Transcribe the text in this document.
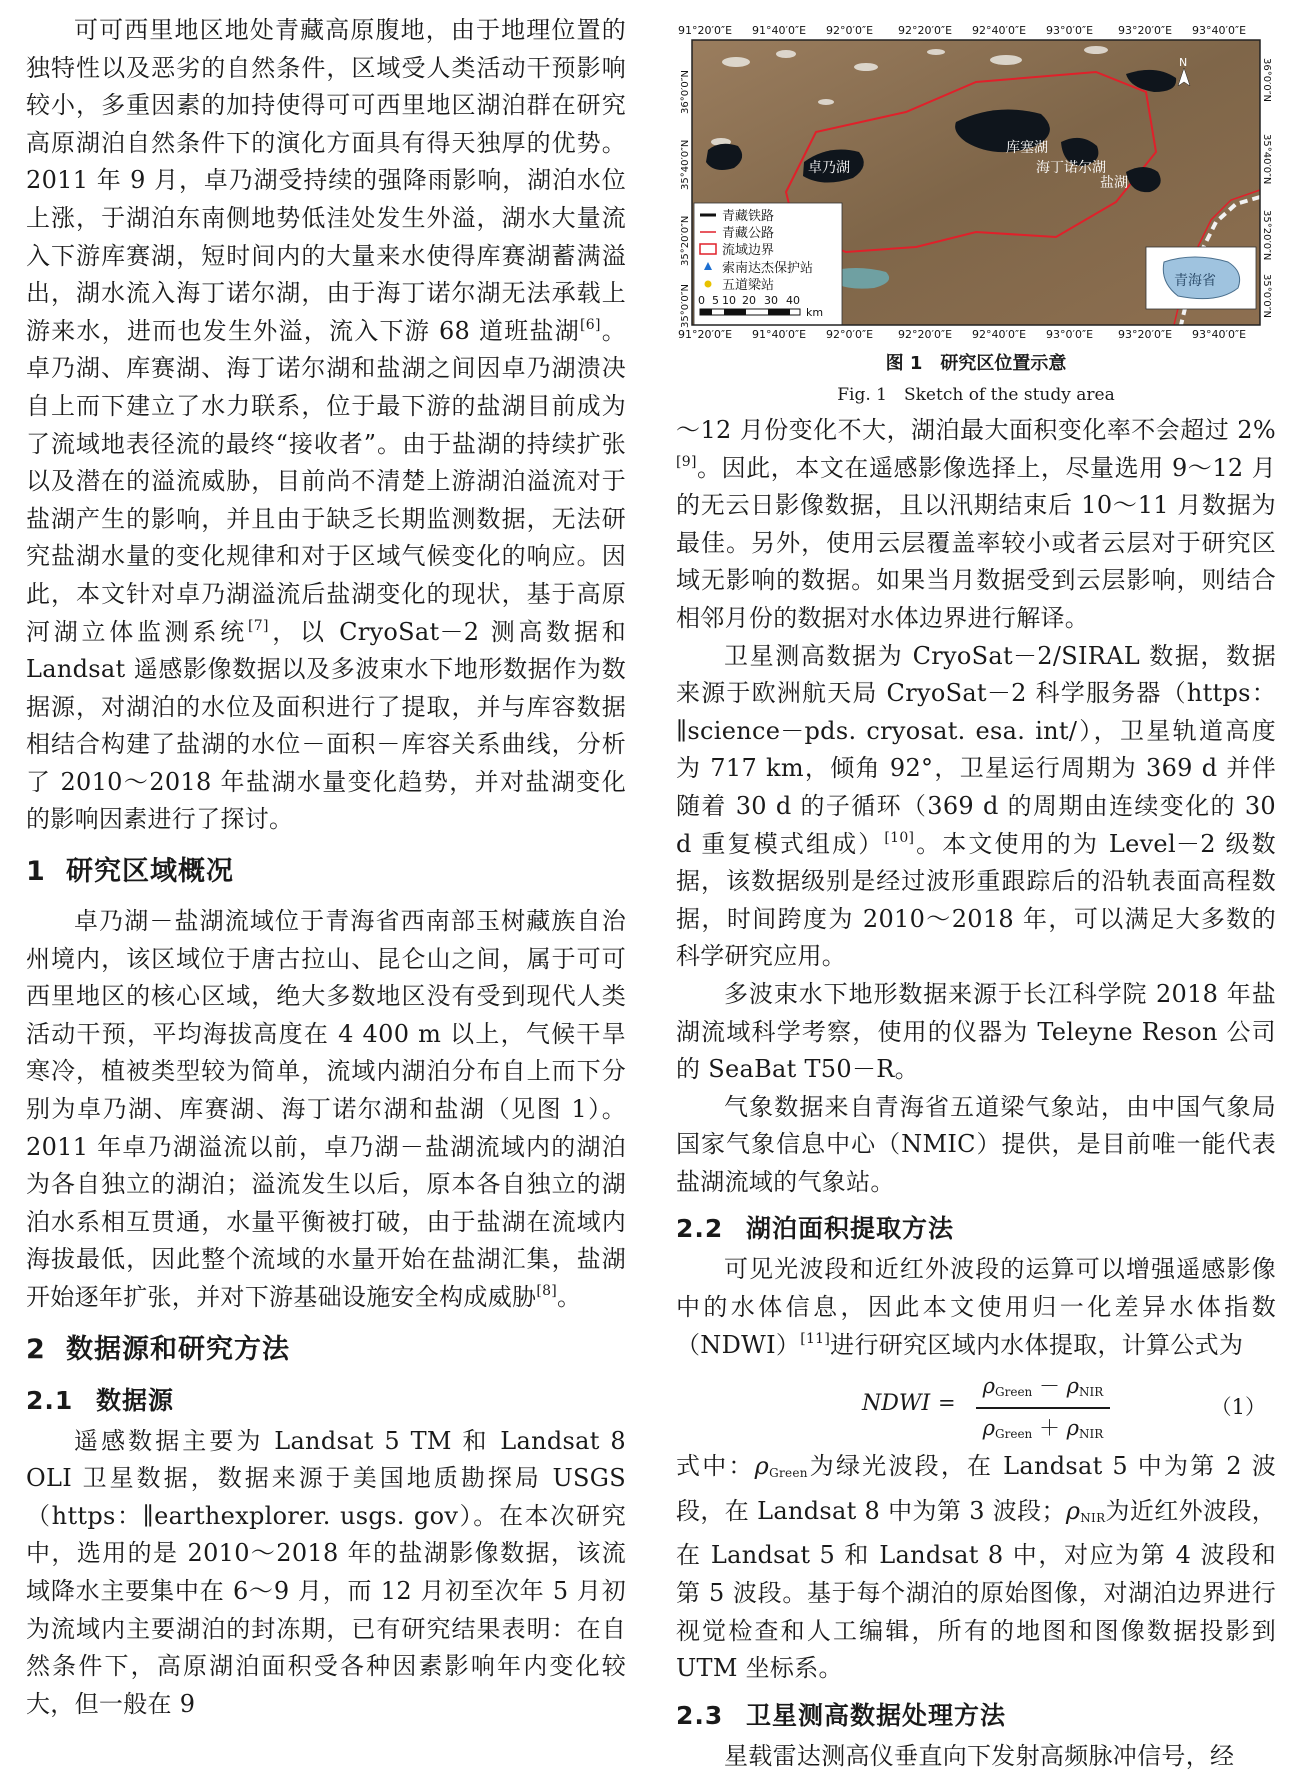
可可西里地区地处青藏高原腹地，由于地理位置的独特性以及恶劣的自然条件，区域受人类活动干预影响较小，多重因素的加持使得可可西里地区湖泊群在研究高原湖泊自然条件下的演化方面具有得天独厚的优势。2011 年 9 月，卓乃湖受持续的强降雨影响，湖泊水位上涨，于湖泊东南侧地势低洼处发生外溢，湖水大量流入下游库赛湖，短时间内的大量来水使得库赛湖蓄满溢出，湖水流入海丁诺尔湖，由于海丁诺尔湖无法承载上游来水，进而也发生外溢，流入下游 68 道班盐湖[6]。卓乃湖、库赛湖、海丁诺尔湖和盐湖之间因卓乃湖溃决自上而下建立了水力联系，位于最下游的盐湖目前成为了流域地表径流的最终“接收者”。由于盐湖的持续扩张以及潜在的溢流威胁，目前尚不清楚上游湖泊溢流对于盐湖产生的影响，并且由于缺乏长期监测数据，无法研究盐湖水量的变化规律和对于区域气候变化的响应。因此，本文针对卓乃湖溢流后盐湖变化的现状，基于高原河湖立体监测系统[7]，以 CryoSat－2 测高数据和 Landsat 遥感影像数据以及多波束水下地形数据作为数据源，对湖泊的水位及面积进行了提取，并与库容数据相结合构建了盐湖的水位－面积－库容关系曲线，分析了 2010～2018 年盐湖水量变化趋势，并对盐湖变化的影响因素进行了探讨。

1 研究区域概况

卓乃湖－盐湖流域位于青海省西南部玉树藏族自治州境内，该区域位于唐古拉山、昆仑山之间，属于可可西里地区的核心区域，绝大多数地区没有受到现代人类活动干预，平均海拔高度在 4 400 m 以上，气候干旱寒冷，植被类型较为简单，流域内湖泊分布自上而下分别为卓乃湖、库赛湖、海丁诺尔湖和盐湖（见图 1）。2011 年卓乃湖溢流以前，卓乃湖－盐湖流域内的湖泊为各自独立的湖泊；溢流发生以后，原本各自独立的湖泊水系相互贯通，水量平衡被打破，由于盐湖在流域内海拔最低，因此整个流域的水量开始在盐湖汇集，盐湖开始逐年扩张，并对下游基础设施安全构成威胁[8]。

2 数据源和研究方法
2.1 数据源

遥感数据主要为 Landsat 5 TM 和 Landsat 8 OLI 卫星数据，数据来源于美国地质勘探局 USGS（https：∥earthexplorer. usgs. gov）。在本次研究中，选用的是 2010～2018 年的盐湖影像数据，该流域降水主要集中在 6～9 月，而 12 月初至次年 5 月初为流域内主要湖泊的封冻期，已有研究结果表明：在自然条件下，高原湖泊面积受各种因素影响年内变化较大，但一般在 9

卓乃湖
库塞湖
海丁诺尔湖
盐湖
N
青藏铁路
青藏公路
流域边界
索南达杰保护站
五道梁站
0 5 10 20 30 40
km
青海省
91°20′0″E 91°40′0″E 92°0′0″E 92°20′0″E 92°40′0″E 93°0′0″E 93°20′0″E 93°40′0″E
91°20′0″E 91°40′0″E 92°0′0″E 92°20′0″E 92°40′0″E 93°0′0″E 93°20′0″E 93°40′0″E
36°0′0″N
35°40′0″N
35°20′0″N
35°0′0″N
36°0′0″N
35°40′0″N
35°20′0″N
35°0′0″N

图 1　研究区位置示意

Fig. 1　Sketch of the study area

～12 月份变化不大，湖泊最大面积变化率不会超过 2%[9]。因此，本文在遥感影像选择上，尽量选用 9～12 月的无云日影像数据，且以汛期结束后 10～11 月数据为最佳。另外，使用云层覆盖率较小或者云层对于研究区域无影响的数据。如果当月数据受到云层影响，则结合相邻月份的数据对水体边界进行解译。

卫星测高数据为 CryoSat－2/SIRAL 数据，数据来源于欧洲航天局 CryoSat－2 科学服务器（https：∥science－pds. cryosat. esa. int/），卫星轨道高度为 717 km，倾角 92°，卫星运行周期为 369 d 并伴随着 30 d 的子循环（369 d 的周期由连续变化的 30 d 重复模式组成）[10]。本文使用的为 Level－2 级数据，该数据级别是经过波形重跟踪后的沿轨表面高程数据，时间跨度为 2010～2018 年，可以满足大多数的科学研究应用。

多波束水下地形数据来源于长江科学院 2018 年盐湖流域科学考察，使用的仪器为 Teleyne Reson 公司的 SeaBat T50－R。

气象数据来自青海省五道梁气象站，由中国气象局国家气象信息中心（NMIC）提供，是目前唯一能代表盐湖流域的气象站。

2.2 湖泊面积提取方法

可见光波段和近红外波段的运算可以增强遥感影像中的水体信息，因此本文使用归一化差异水体指数（NDWI）[11]进行研究区域内水体提取，计算公式为

NDWI =
$\rho_{Green} - \rho_{NIR}$
$\rho_{Green} + \rho_{NIR}$
（1）

式中：$\rho_{Green}$为绿光波段，在 Landsat 5 中为第 2 波段，在 Landsat 8 中为第 3 波段；$\rho_{NIR}$为近红外波段，在 Landsat 5 和 Landsat 8 中，对应为第 4 波段和第 5 波段。基于每个湖泊的原始图像，对湖泊边界进行视觉检查和人工编辑，所有的地图和图像数据投影到 UTM 坐标系。

2.3 卫星测高数据处理方法

星载雷达测高仪垂直向下发射高频脉冲信号，经
